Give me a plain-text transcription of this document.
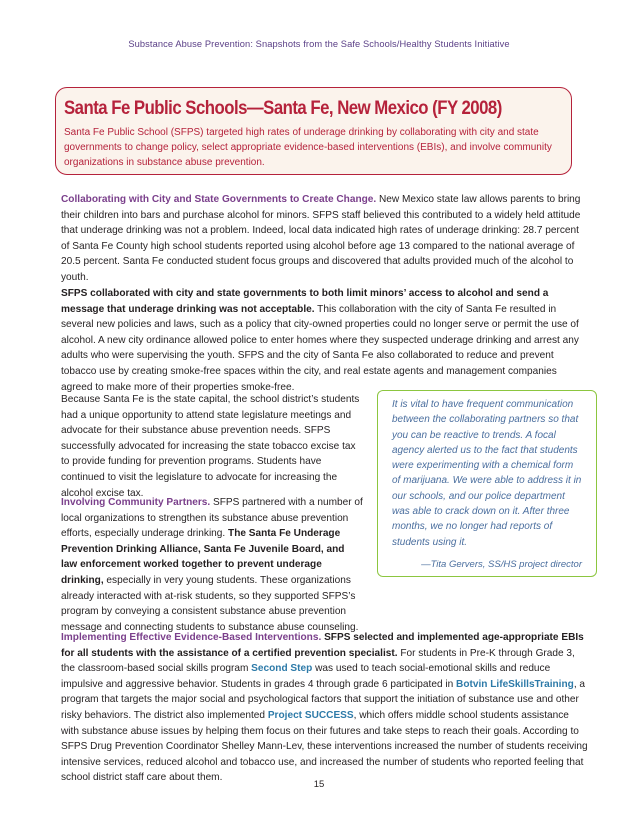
Substance Abuse Prevention: Snapshots from the Safe Schools/Healthy Students Initiative
Santa Fe Public Schools—Santa Fe, New Mexico (FY 2008)
Santa Fe Public School (SFPS) targeted high rates of underage drinking by collaborating with city and state governments to change policy, select appropriate evidence-based interventions (EBIs), and involve community organizations in substance abuse prevention.

Collaborating with City and State Governments to Create Change. New Mexico state law allows parents to bring their children into bars and purchase alcohol for minors. SFPS staff believed this contributed to a widely held attitude that underage drinking was not a problem. Indeed, local data indicated high rates of underage drinking: 28.7 percent of Santa Fe County high school students reported using alcohol before age 13 compared to the national average of 20.5 percent. Santa Fe conducted student focus groups and discovered that adults provided much of the alcohol to youth.

SFPS collaborated with city and state governments to both limit minors’ access to alcohol and send a message that underage drinking was not acceptable. This collaboration with the city of Santa Fe resulted in several new policies and laws, such as a policy that city-owned properties could no longer serve or permit the use of alcohol. A new city ordinance allowed police to enter homes where they suspected underage drinking and arrest any adults who were supervising the youth. SFPS and the city of Santa Fe also collaborated to reduce and prevent tobacco use by creating smoke-free spaces within the city, and real estate agents and management companies agreed to make more of their properties smoke-free.

Because Santa Fe is the state capital, the school district’s students had a unique opportunity to attend state legislature meetings and advocate for their substance abuse prevention needs. SFPS successfully advocated for increasing the state tobacco excise tax to provide funding for prevention programs. Students have continued to visit the legislature to advocate for increasing the alcohol excise tax.

Involving Community Partners. SFPS partnered with a number of local organizations to strengthen its substance abuse prevention efforts, especially underage drinking. The Santa Fe Underage Prevention Drinking Alliance, Santa Fe Juvenile Board, and law enforcement worked together to prevent underage drinking, especially in very young students. These organizations already interacted with at-risk students, so they supported SFPS’s program by conveying a consistent substance abuse prevention message and connecting students to substance abuse counseling.

It is vital to have frequent communication between the collaborating partners so that you can be reactive to trends. A focal agency alerted us to the fact that students were experimenting with a chemical form of marijuana. We were able to address it in our schools, and our police department was able to crack down on it. After three months, we no longer had reports of students using it.
—Tita Gervers, SS/HS project director

Implementing Effective Evidence-Based Interventions. SFPS selected and implemented age-appropriate EBIs for all students with the assistance of a certified prevention specialist. For students in Pre-K through Grade 3, the classroom-based social skills program Second Step was used to teach social-emotional skills and reduce impulsive and aggressive behavior. Students in grades 4 through grade 6 participated in Botvin LifeSkillsTraining, a program that targets the major social and psychological factors that support the initiation of substance use and other risky behaviors. The district also implemented Project SUCCESS, which offers middle school students assistance with substance abuse issues by helping them focus on their futures and take steps to reach their goals. According to SFPS Drug Prevention Coordinator Shelley Mann-Lev, these interventions increased the number of students receiving intensive services, reduced alcohol and tobacco use, and increased the number of students who reported feeling that school district staff care about them.

15
